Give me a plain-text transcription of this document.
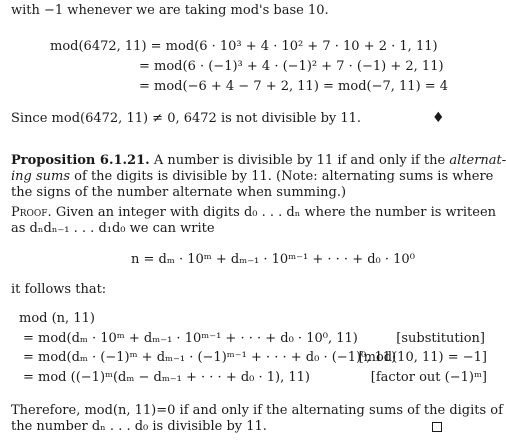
with −1 whenever we are taking mod's base 10.
mod(6472, 11) = mod(6 · 10³ + 4 · 10² + 7 · 10 + 2 · 1, 11)
= mod(6 · (−1)³ + 4 · (−1)² + 7 · (−1) + 2, 11)
= mod(−6 + 4 − 7 + 2, 11) = mod(−7, 11) = 4
Since mod(6472, 11) ≠ 0, 6472 is not divisible by 11.	♦
Proposition 6.1.21. A number is divisible by 11 if and only if the alternat-
ing sums of the digits is divisible by 11. (Note: alternating sums is where
the signs of the number alternate when summing.)
Proof. Given an integer with digits d₀ . . . dₙ where the number is writeen
as dₙdₙ₋₁ . . . d₁d₀ we can write
n = dₘ · 10ᵐ + dₘ₋₁ · 10ᵐ⁻¹ + · · · + d₀ · 10⁰
it follows that:
mod (n, 11)
= mod(dₘ · 10ᵐ + dₘ₋₁ · 10ᵐ⁻¹ + · · · + d₀ · 10⁰, 11)	[substitution]
= mod(dₘ · (−1)ᵐ + dₘ₋₁ · (−1)ᵐ⁻¹ + · · · + d₀ · (−1)⁰, 11)
[mod(10, 11) = −1]
= mod ((−1)ᵐ(dₘ − dₘ₋₁ + · · · + d₀ · 1), 11)	[factor out (−1)ᵐ]
Therefore, mod(n, 11)=0 if and only if the alternating sums of the digits of
the number dₙ . . . d₀ is divisible by 11.
